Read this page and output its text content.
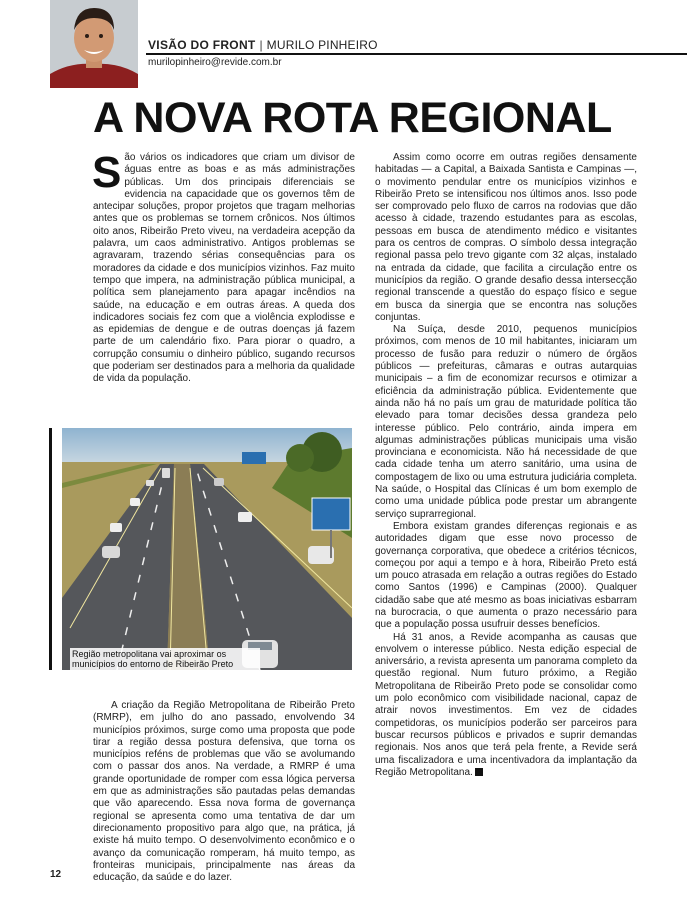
VISÃO DO FRONT | MURILO PINHEIRO
murilopinheiro@revide.com.br
A NOVA ROTA REGIONAL

São vários os indicadores que criam um divisor de águas entre as boas e as más administrações públicas. Um dos principais diferenciais se evidencia na capacidade que os governos têm de antecipar soluções, propor projetos que tragam melhorias antes que os problemas se tornem crônicos. Nos últimos oito anos, Ribeirão Preto viveu, na verdadeira acepção da palavra, um caos administrativo. Antigos problemas se agravaram, trazendo sérias consequências para os moradores da cidade e dos municípios vizinhos. Faz muito tempo que impera, na administração pública municipal, a política sem planejamento para apagar incêndios na saúde, na educação e em outras áreas. A queda dos indicadores sociais fez com que a violência explodisse e as epidemias de dengue e de outras doenças já fazem parte de um calendário fixo. Para piorar o quadro, a corrupção consumiu o dinheiro público, sugando recursos que poderiam ser destinados para a melhoria da qualidade de vida da população.

Região metropolitana vai aproximar os municípios do entorno de Ribeirão Preto

A criação da Região Metropolitana de Ribeirão Preto (RMRP), em julho do ano passado, envolvendo 34 municípios próximos, surge como uma proposta que pode tirar a região dessa postura defensiva, que torna os municípios reféns de problemas que vão se avolumando com o passar dos anos. Na verdade, a RMRP é uma grande oportunidade de romper com essa lógica perversa em que as administrações são pautadas pelas demandas que vão aparecendo. Essa nova forma de governança regional se apresenta como uma tentativa de dar um direcionamento propositivo para algo que, na prática, já existe há muito tempo. O desenvolvimento econômico e o avanço da comunicação romperam, há muito tempo, as fronteiras municipais, principalmente nas áreas da educação, da saúde e do lazer.

Assim como ocorre em outras regiões densamente habitadas — a Capital, a Baixada Santista e Campinas —, o movimento pendular entre os municípios vizinhos e Ribeirão Preto se intensificou nos últimos anos. Isso pode ser comprovado pelo fluxo de carros na rodovias que dão acesso à cidade, trazendo estudantes para as escolas, pessoas em busca de atendimento médico e visitantes para os centros de compras. O símbolo dessa integração regional passa pelo trevo gigante com 32 alças, instalado na entrada da cidade, que facilita a circulação entre os municípios da região. O grande desafio dessa intersecção regional transcende a questão do espaço físico e segue em busca da sinergia que se encontra nas soluções conjuntas.

Na Suíça, desde 2010, pequenos municípios próximos, com menos de 10 mil habitantes, iniciaram um processo de fusão para reduzir o número de órgãos públicos — prefeituras, câmaras e outras autarquias municipais – a fim de economizar recursos e otimizar a eficiência da administração pública. Evidentemente que ainda não há no país um grau de maturidade política tão elevado para tomar decisões dessa grandeza pelo interesse público. Pelo contrário, ainda impera em algumas administrações públicas municipais uma visão provinciana e economicista. Não há necessidade de que cada cidade tenha um aterro sanitário, uma usina de compostagem de lixo ou uma estrutura judiciária completa. Na saúde, o Hospital das Clínicas é um bom exemplo de como uma unidade pública pode prestar um abrangente serviço suprarregional.

Embora existam grandes diferenças regionais e as autoridades digam que esse novo processo de governança corporativa, que obedece a critérios técnicos, começou por aqui a tempo e à hora, Ribeirão Preto está um pouco atrasada em relação a outras regiões do Estado como Santos (1996) e Campinas (2000). Qualquer cidadão sabe que até mesmo as boas iniciativas esbarram na burocracia, o que aumenta o prazo necessário para que a população possa usufruir desses benefícios.

Há 31 anos, a Revide acompanha as causas que envolvem o interesse público. Nesta edição especial de aniversário, a revista apresenta um panorama completo da questão regional. Num futuro próximo, a Região Metropolitana de Ribeirão Preto pode se consolidar como um polo econômico com visibilidade nacional, capaz de atrair novos investimentos. Em vez de cidades competidoras, os municípios poderão ser parceiros para buscar recursos públicos e privados e suprir demandas regionais. Nos anos que terá pela frente, a Revide será uma fiscalizadora e uma incentivadora da implantação da Região Metropolitana.

12
